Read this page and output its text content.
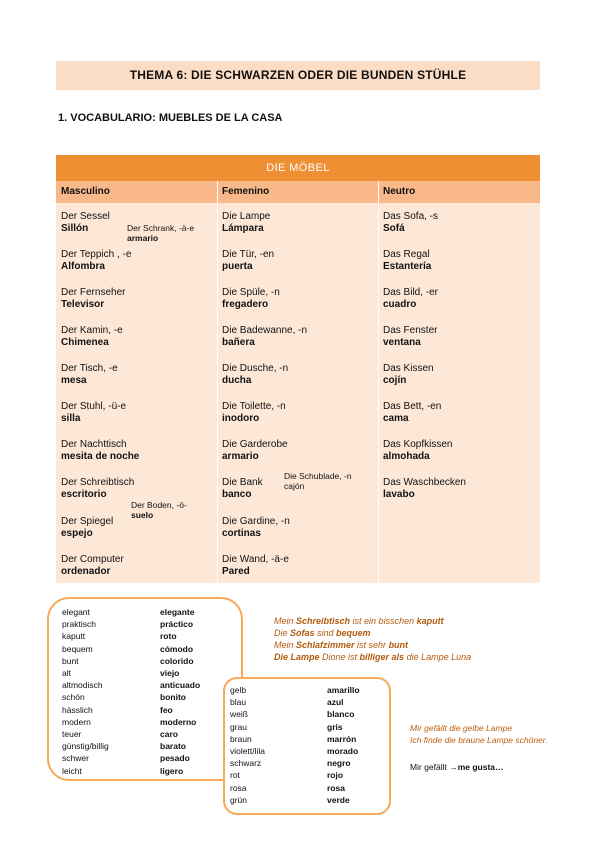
THEMA 6: DIE SCHWARZEN ODER DIE BUNDEN STÜHLE
1. VOCABULARIO: MUEBLES DE LA CASA
DIE MÖBEL
Masculino	Femenino	Neutro
Der Sessel
Sillón
Der Teppich , -e
Alfombra
Der Fernseher
Televisor
Der Kamin, -e
Chimenea
Der Tisch, -e
mesa
Der Stuhl, -ü-e
silla
Der Nachttisch
mesita de noche
Der Schreibtisch
escritorio
Der Spiegel
espejo
Der Computer
ordenador
Der Schrank, -ä-e
armario
Der Boden, -ö-
suelo
Die Lampe
Lámpara
Die Tür, -en
puerta
Die Spüle, -n
fregadero
Die Badewanne, -n
bañera
Die Dusche, -n
ducha
Die Toilette, -n
inodoro
Die Garderobe
armario
Die Bank
banco
Die Gardine, -n
cortinas
Die Wand, -ä-e
Pared
Die Schublade, -n
cajón
Das Sofa, -s
Sofá
Das Regal
Estantería
Das Bild, -er
cuadro
Das Fenster
ventana
Das Kissen
cojín
Das Bett, -en
cama
Das Kopfkissen
almohada
Das Waschbecken
lavabo
elegant
praktisch
kaputt
bequem
bunt
alt
altmodisch
schön
hässlich
modern
teuer
günstig/billig
schwer
leicht
elegante
práctico
roto
cómodo
colorido
viejo
anticuado
bonito
feo
moderno
caro
barato
pesado
ligero
gelb
blau
weiß
grau
braun
violett/lila
schwarz
rot
rosa
grün
amarillo
azul
blanco
gris
marrón
morado
negro
rojo
rosa
verde
Mein Schreibtisch ist ein bisschen kaputt
Die Sofas sind bequem
Mein Schlafzimmer ist sehr bunt
Die Lampe Dione ist billiger als die Lampe Luna
Mir gefällt die gelbe Lampe
Ich finde die braune Lampe schöner.
Mir gefällt →me gusta…
